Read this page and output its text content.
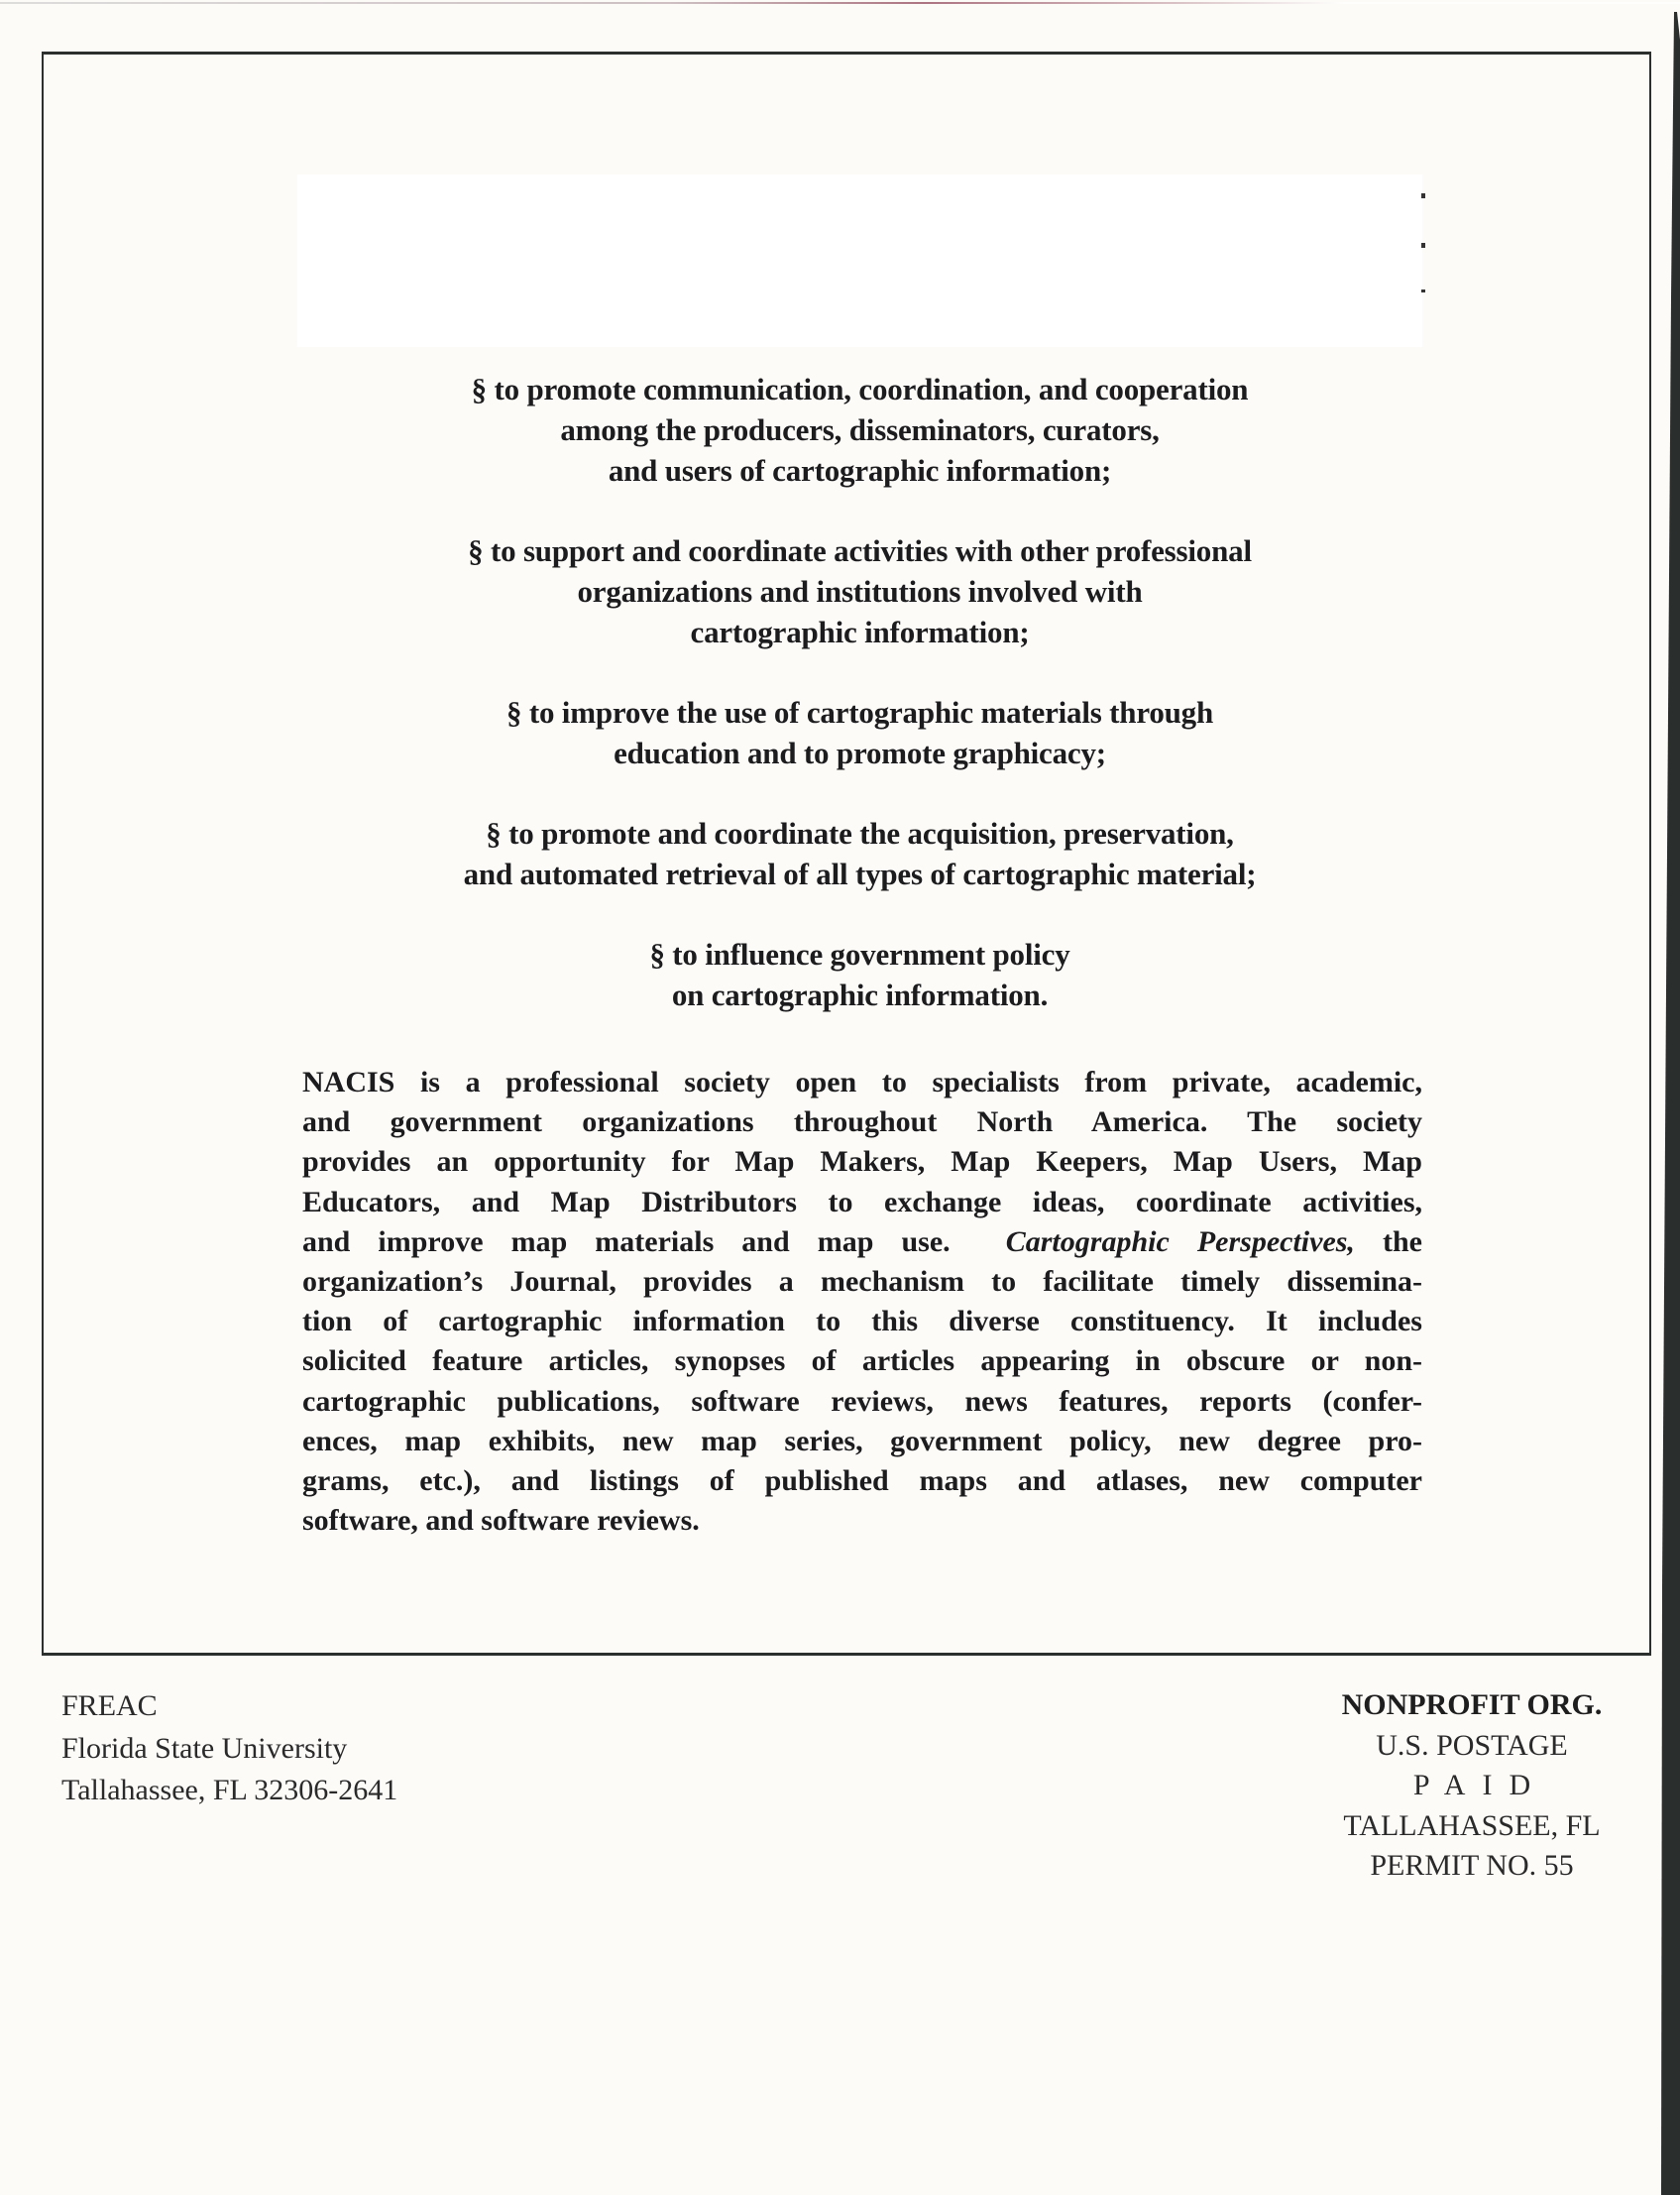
§ to promote communication, coordination, and cooperation
among the producers, disseminators, curators,
and users of cartographic information;
§ to support and coordinate activities with other professional
organizations and institutions involved with
cartographic information;
§ to improve the use of cartographic materials through
education and to promote graphicacy;
§ to promote and coordinate the acquisition, preservation,
and automated retrieval of all types of cartographic material;
§ to influence government policy
on cartographic information.
NACIS is a professional society open to specialists from private, academic,
and government organizations throughout North America. The society
provides an opportunity for Map Makers, Map Keepers, Map Users, Map
Educators, and Map Distributors to exchange ideas, coordinate activities,
and improve map materials and map use. Cartographic Perspectives, the
organization’s Journal, provides a mechanism to facilitate timely dissemina-
tion of cartographic information to this diverse constituency. It includes
solicited feature articles, synopses of articles appearing in obscure or non-
cartographic publications, software reviews, news features, reports (confer-
ences, map exhibits, new map series, government policy, new degree pro-
grams, etc.), and listings of published maps and atlases, new computer
software, and software reviews.
FREAC
Florida State University
Tallahassee, FL 32306-2641
NONPROFIT ORG.
U.S. POSTAGE
PAID
TALLAHASSEE, FL
PERMIT NO. 55
